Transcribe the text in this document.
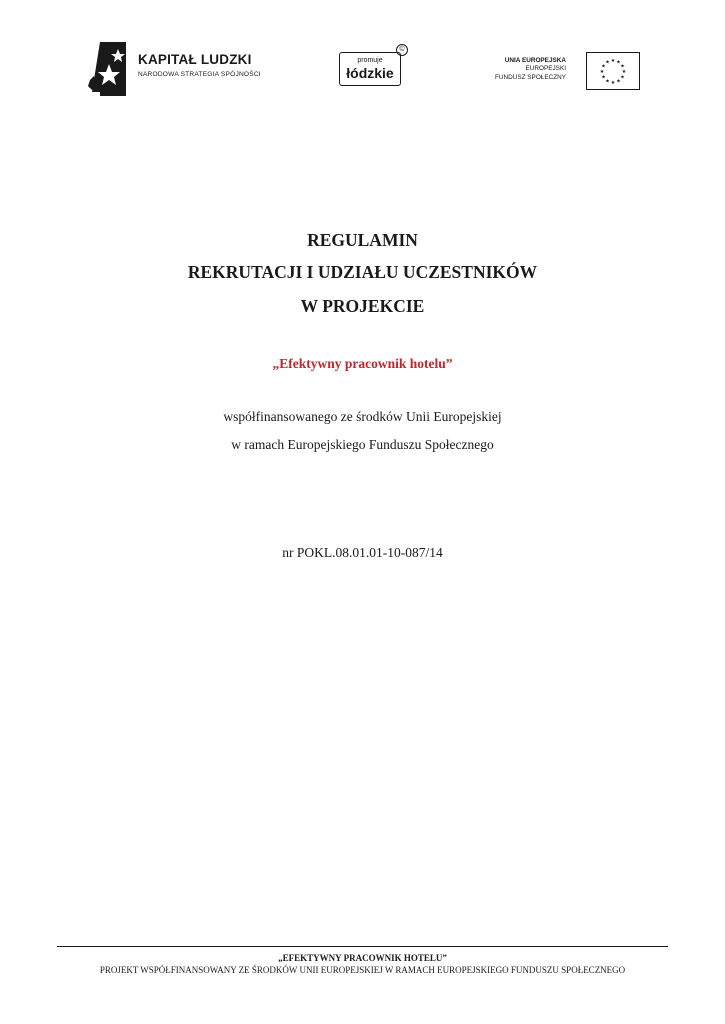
KAPITAŁ LUDZKI
NARODOWA STRATEGIA SPÓJNOŚCI
promuje
łódzkie
©
UNIA EUROPEJSKA
EUROPEJSKI
FUNDUSZ SPOŁECZNY
★ ★
★
★
★
★
★
★
★
★
★
★
REGULAMIN
REKRUTACJI I UDZIAŁU UCZESTNIKÓW
W PROJEKCIE
„Efektywny pracownik hotelu”
współfinansowanego ze środków Unii Europejskiej
w ramach Europejskiego Funduszu Społecznego
nr POKL.08.01.01-10-087/14
„EFEKTYWNY PRACOWNIK HOTELU”
PROJEKT WSPÓŁFINANSOWANY ZE ŚRODKÓW UNII EUROPEJSKIEJ W RAMACH EUROPEJSKIEGO FUNDUSZU SPOŁECZNEGO
